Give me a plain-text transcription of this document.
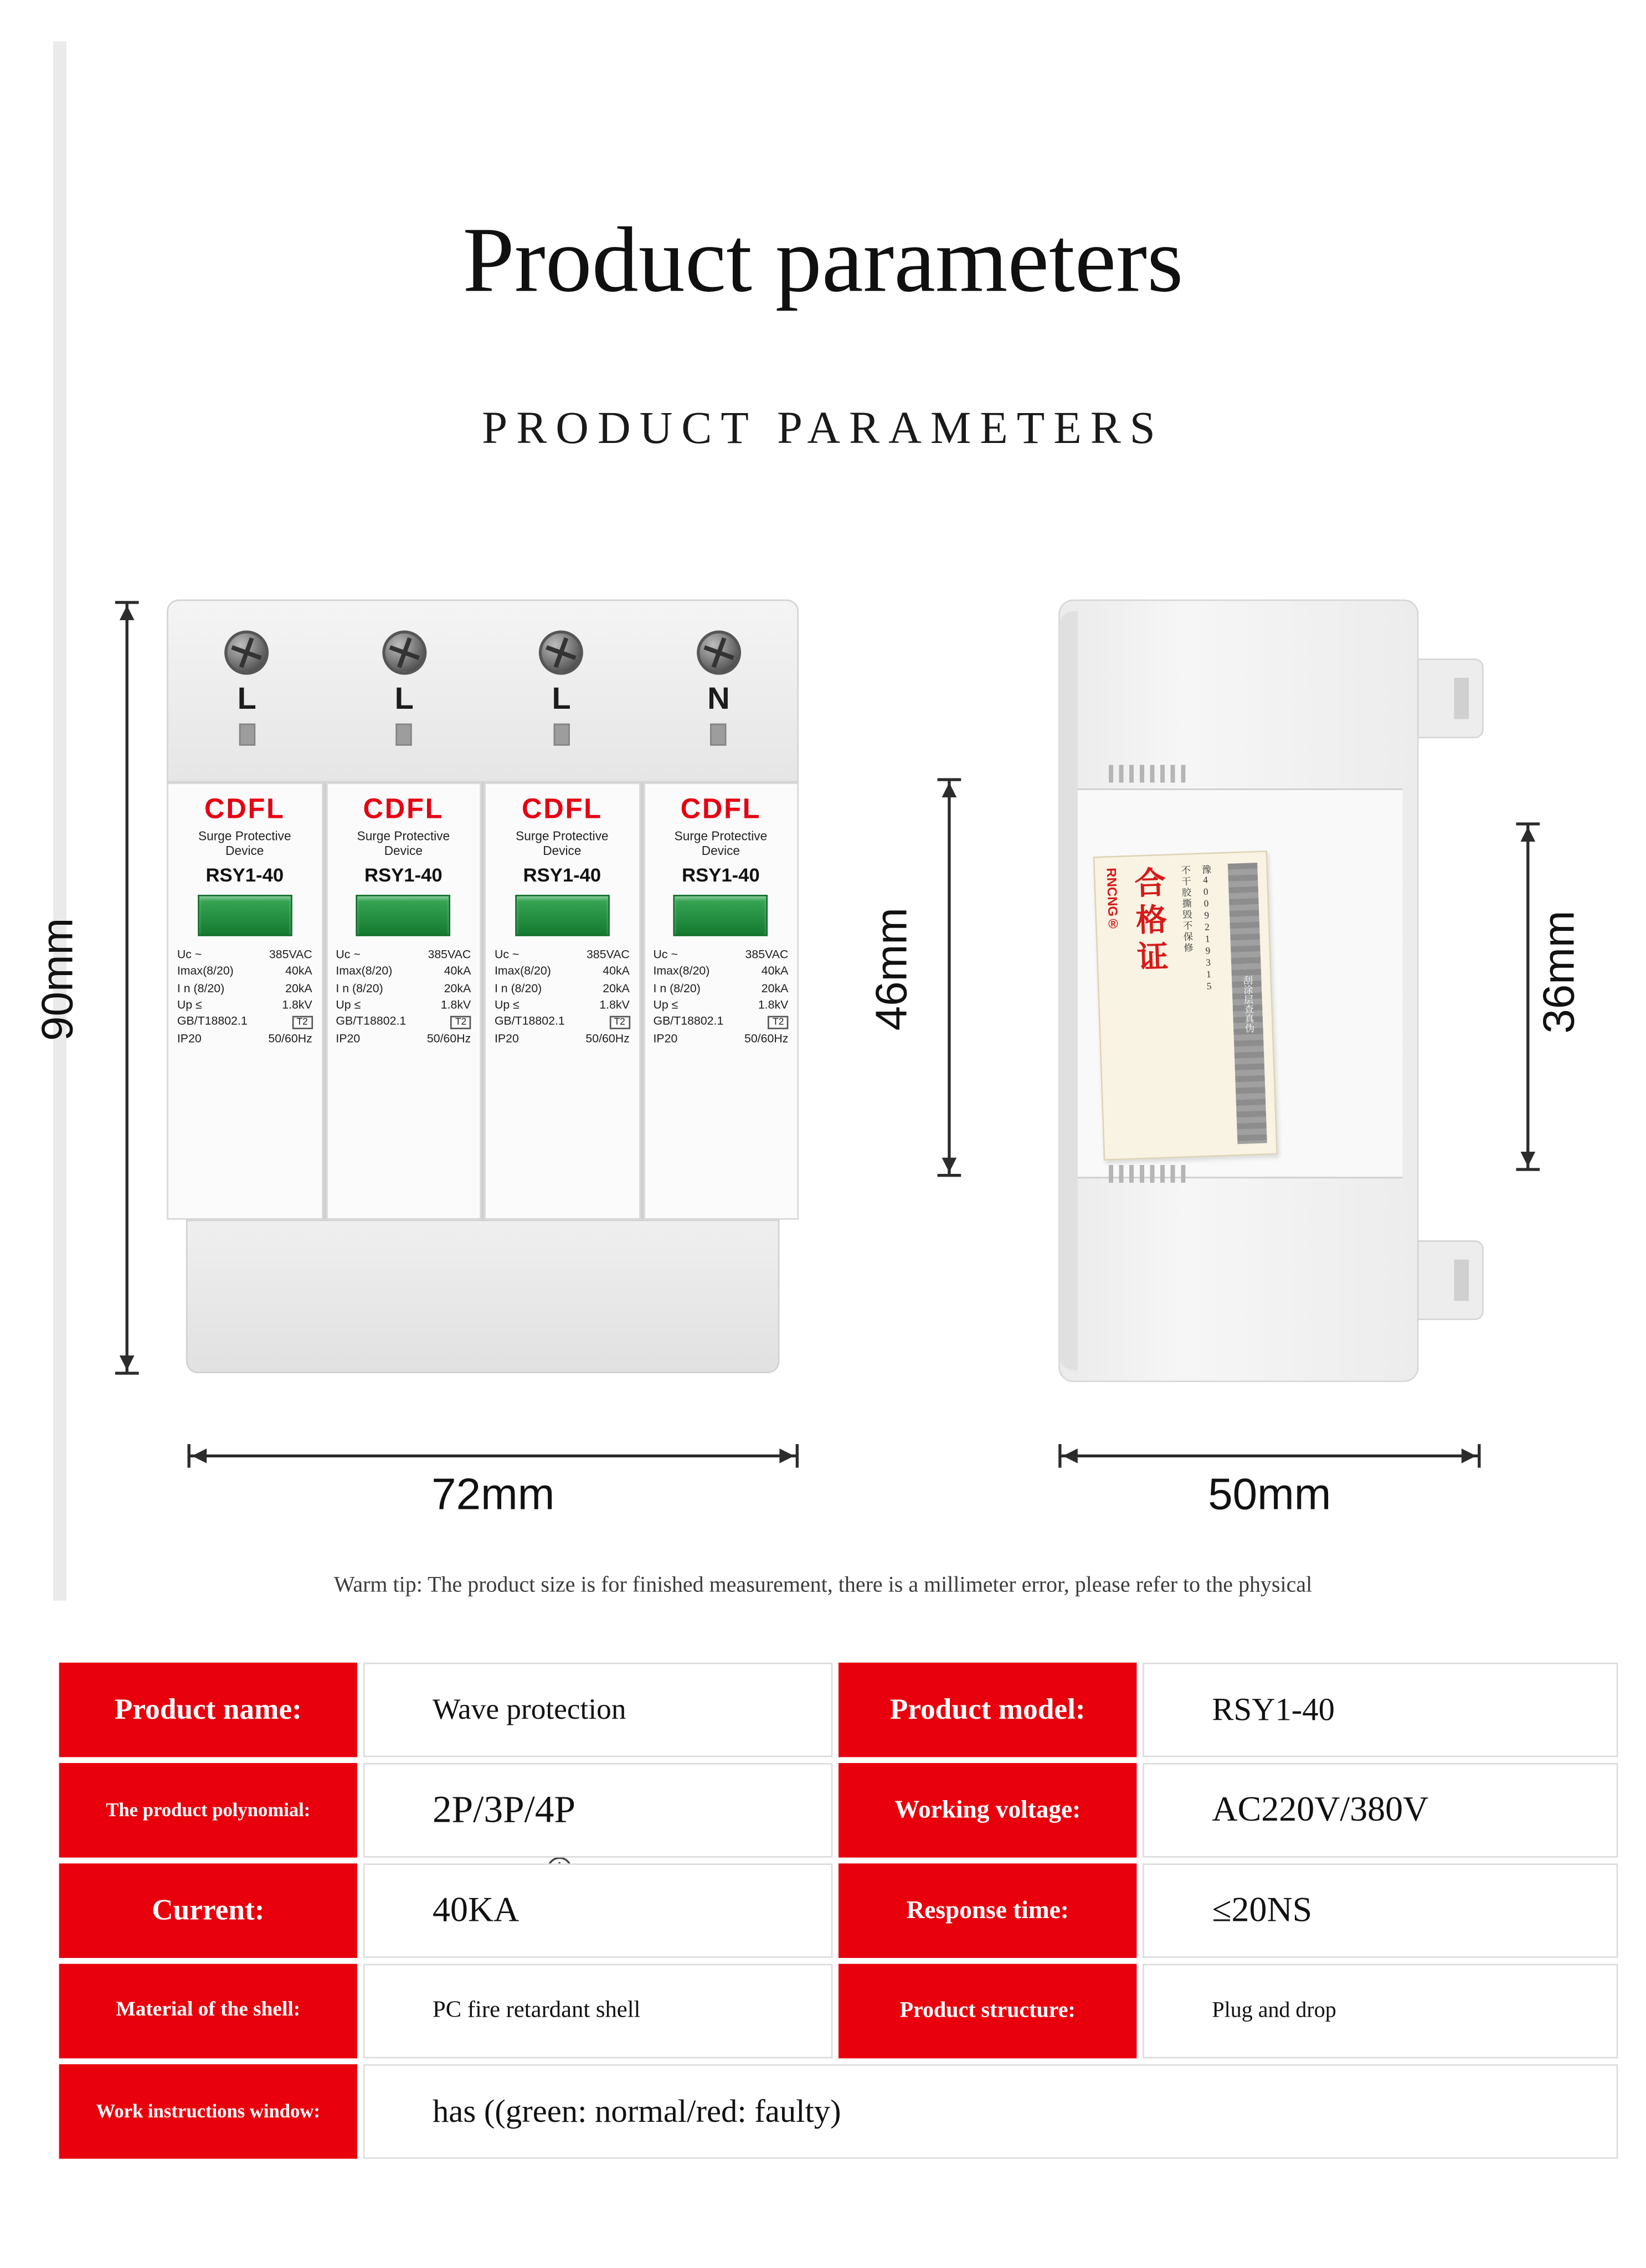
Product parameters
PRODUCT PARAMETERS
L	L	L	N
CDFL
Surge Protective
Device
RSY1-40
Uc ~	385VAC
Imax(8/20)	40kA
I n (8/20)	20kA
Up ≤	1.8kV
GB/T18802.1	T2
IP20	50/60Hz
CDFL
Surge Protective
Device
RSY1-40
Uc ~	385VAC
Imax(8/20)	40kA
I n (8/20)	20kA
Up ≤	1.8kV
GB/T18802.1	T2
IP20	50/60Hz
CDFL
Surge Protective
Device
RSY1-40
Uc ~	385VAC
Imax(8/20)	40kA
I n (8/20)	20kA
Up ≤	1.8kV
GB/T18802.1	T2
IP20	50/60Hz
CDFL
Surge Protective
Device
RSY1-40
Uc ~	385VAC
Imax(8/20)	40kA
I n (8/20)	20kA
Up ≤	1.8kV
GB/T18802.1	T2
IP20	50/60Hz
RNCNG® 合格证	不干胶撕毁不保修	豫4009219315
刮涂层查真伪
90mm
72mm
46mm	36mm
50mm
Warm tip: The product size is for finished measurement, there is a millimeter error, please refer to the physical
Product name:	Wave protection	Product model:	RSY1-40
The product polynomial:	2P/3P/4P	Working voltage:	AC220V/380V
Current:	40KA	Response time:	≤20NS
Material of the shell:	PC fire retardant shell	Product structure:	Plug and drop
Work instructions window:	has ((green: normal/red: faulty)
